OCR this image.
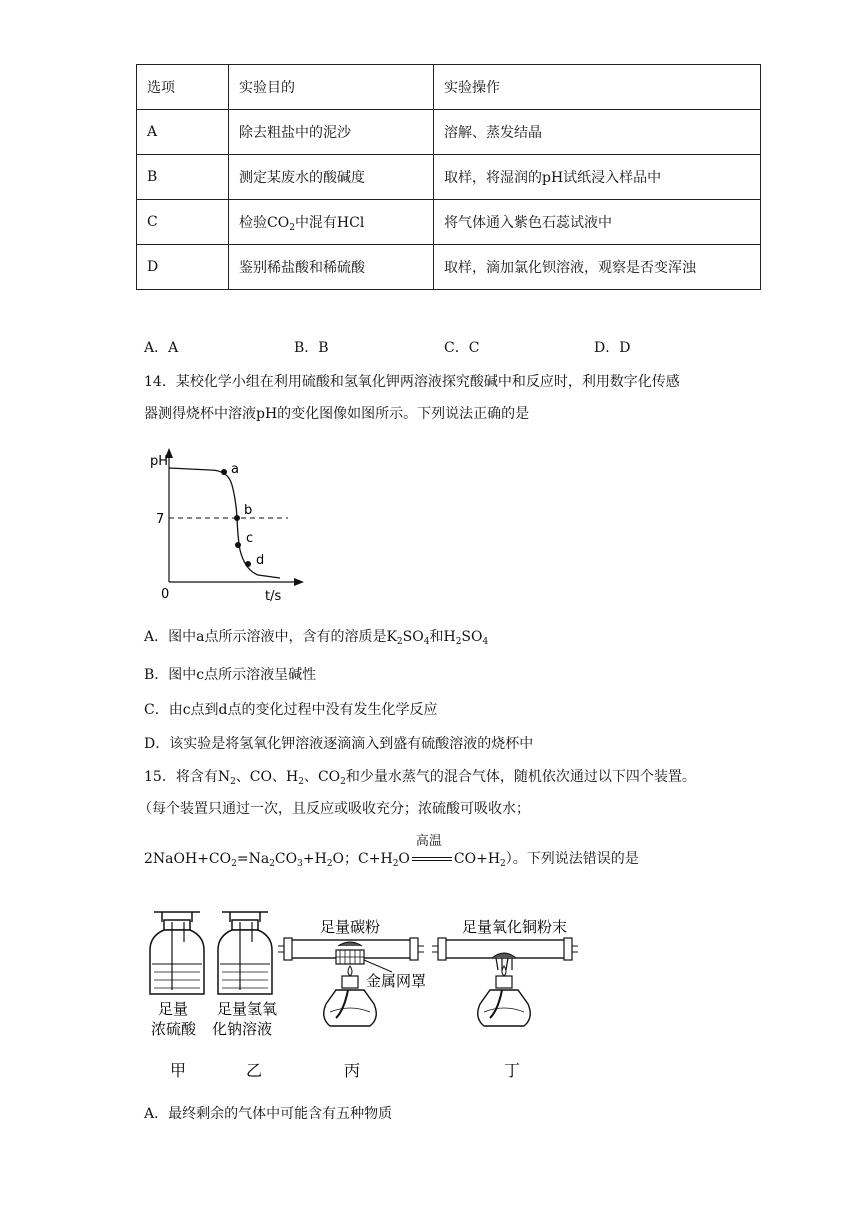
选项	实验目的	实验操作
A	除去粗盐中的泥沙	溶解、蒸发结晶
B	测定某废水的酸碱度	取样，将湿润的pH试纸浸入样品中
C	检验$CO_2$中混有HCl	将气体通入紫色石蕊试液中
D	鉴别稀盐酸和稀硫酸	取样，滴加氯化钡溶液，观察是否变浑浊
A．A	B．B	C．C	D．D
14．某校化学小组在利用硫酸和氢氧化钾两溶液探究酸碱中和反应时，利用数字化传感
器测得烧杯中溶液pH的变化图像如图所示。下列说法正确的是
pH
t/s
0
7
a
b
c
d
A．图中a点所示溶液中，含有的溶质是$K_2SO_4$和$H_2SO_4$
B．图中c点所示溶液呈碱性
C．由c点到d点的变化过程中没有发生化学反应
D．该实验是将氢氧化钾溶液逐滴滴入到盛有硫酸溶液的烧杯中
15．将含有$N_2$、CO、$H_2$、$CO_2$和少量水蒸气的混合气体，随机依次通过以下四个装置。
（每个装置只通过一次，且反应或吸收充分；浓硫酸可吸收水；
$2NaOH+CO_2=Na_2CO_3+H_2O$；$C+H_2O$
高温
$CO+H_2$）。下列说法错误的是
足量
浓硫酸
甲
足量氢氧
化钠溶液
乙
足量碳粉
金属网罩
丙
足量氧化铜粉末
丁
A．最终剩余的气体中可能含有五种物质
